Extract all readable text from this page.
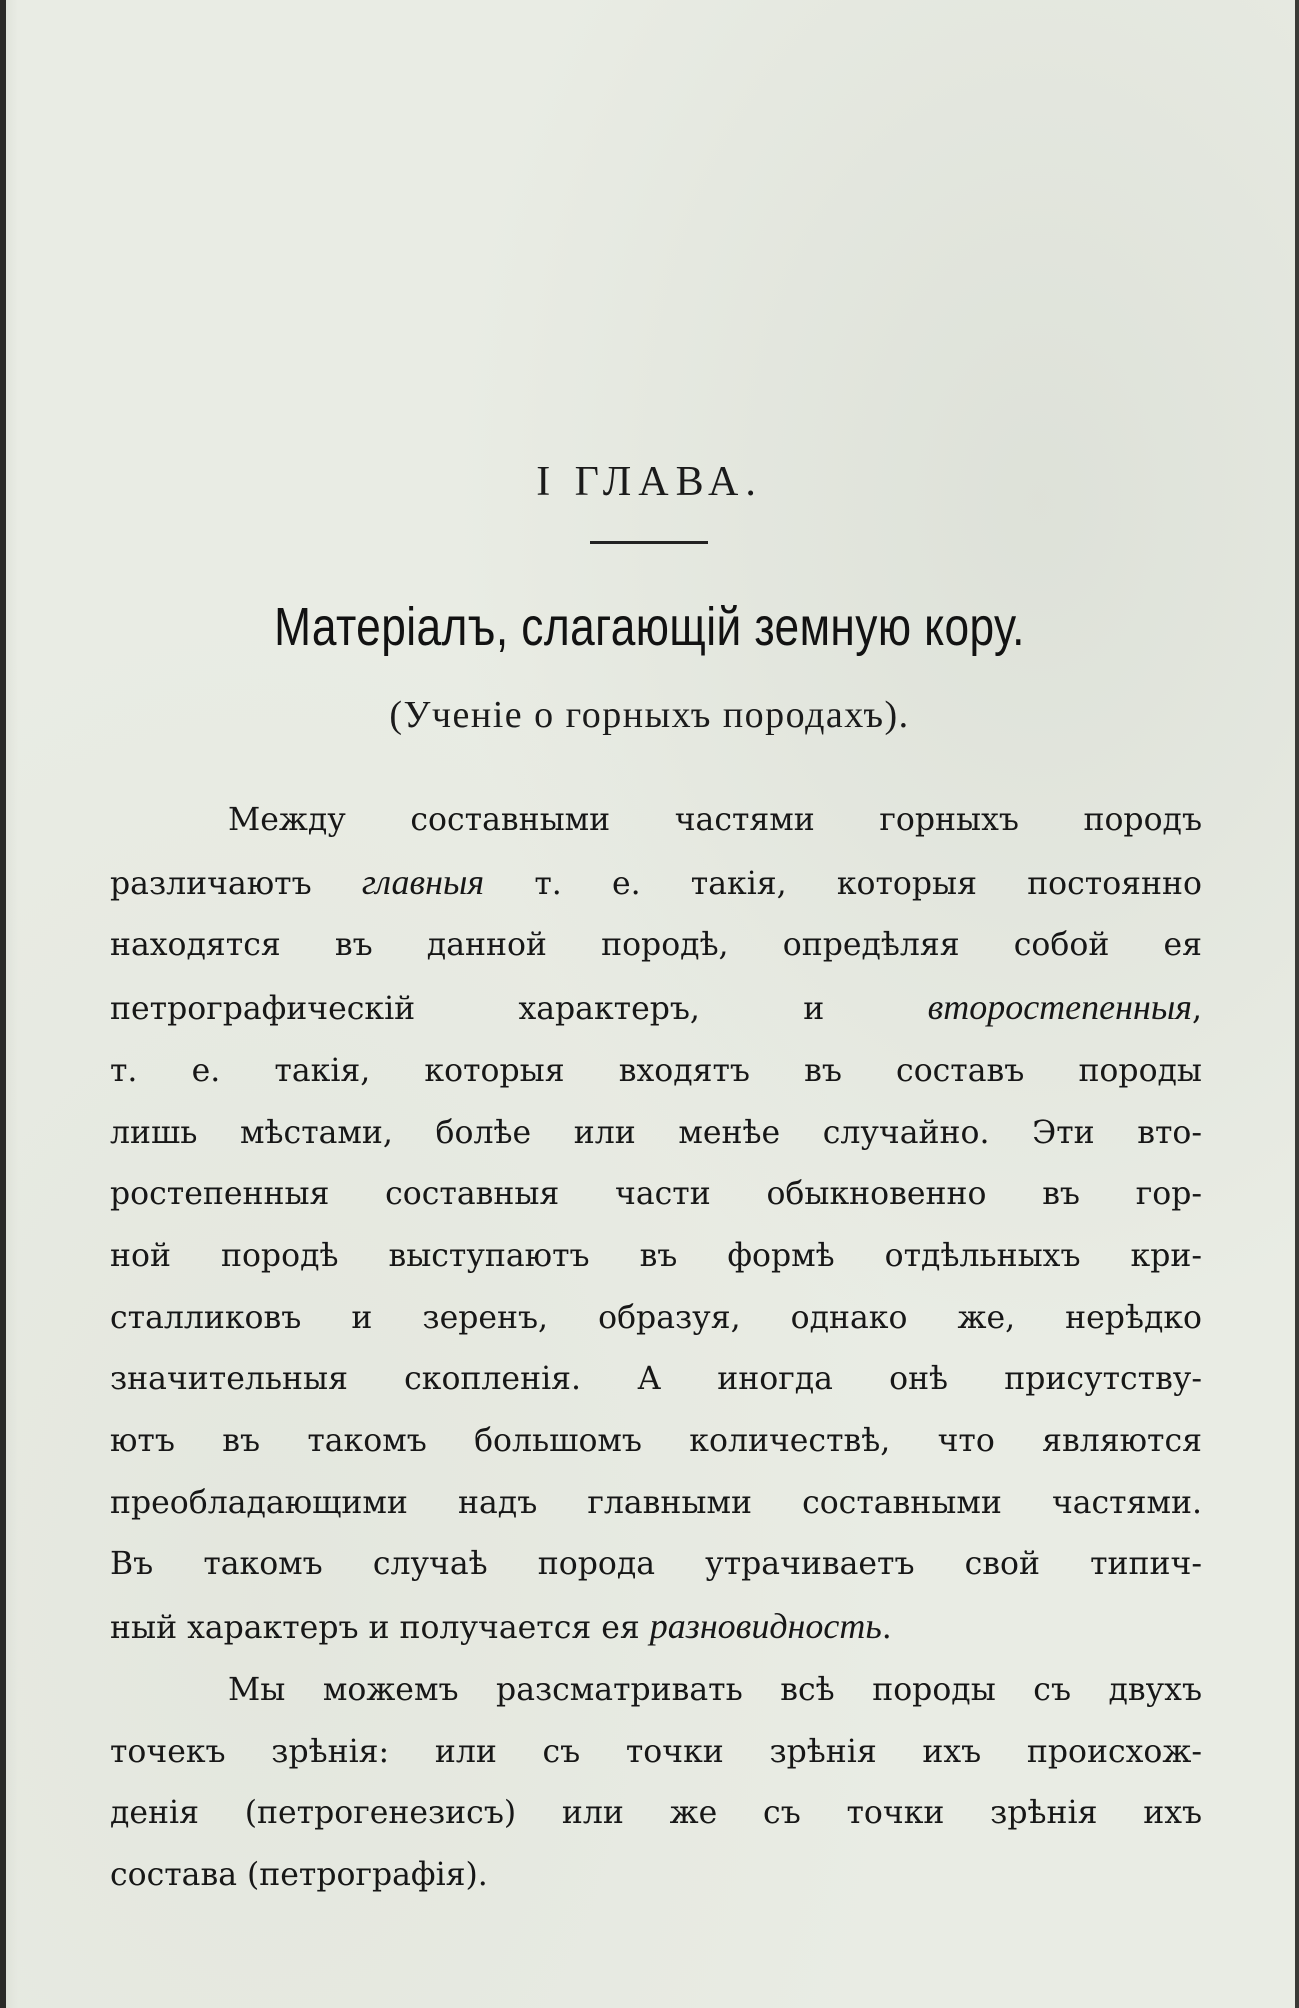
I ГЛАВА.
Матеріалъ, слагающій земную кору.
(Ученіе о горныхъ породахъ).
Между составными частями горныхъ породъ
различаютъ главныя т. е. такія, которыя постоянно
находятся въ данной породѣ, опредѣляя собой ея
петрографическій характеръ, и второстепенныя,
т. е. такія, которыя входятъ въ составъ породы
лишь мѣстами, болѣе или менѣе случайно. Эти вто-
ростепенныя составныя части обыкновенно въ гор-
ной породѣ выступаютъ въ формѣ отдѣльныхъ кри-
сталликовъ и зеренъ, образуя, однако же, нерѣдко
значительныя скопленія. А иногда онѣ присутству-
ютъ въ такомъ большомъ количествѣ, что являются
преобладающими надъ главными составными частями.
Въ такомъ случаѣ порода утрачиваетъ свой типич-
ный характеръ и получается ея разновидность.
Мы можемъ разсматривать всѣ породы съ двухъ
точекъ зрѣнія: или съ точки зрѣнія ихъ происхож-
денія (петрогенезисъ) или же съ точки зрѣнія ихъ
состава (петрографія).
